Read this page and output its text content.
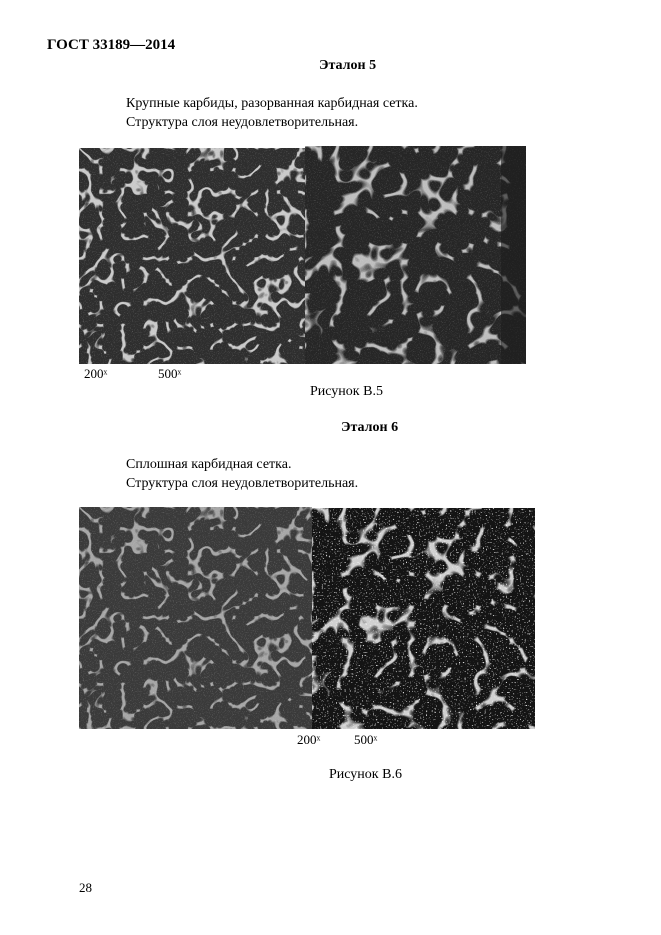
ГОСТ 33189—2014
Эталон 5
Крупные карбиды, разорванная карбидная сетка.
Структура слоя неудовлетворительная.
200ˣ	500ˣ
Рисунок В.5
Эталон 6
Сплошная карбидная сетка.
Структура слоя неудовлетворительная.
200ˣ	500ˣ
Рисунок В.6
28
